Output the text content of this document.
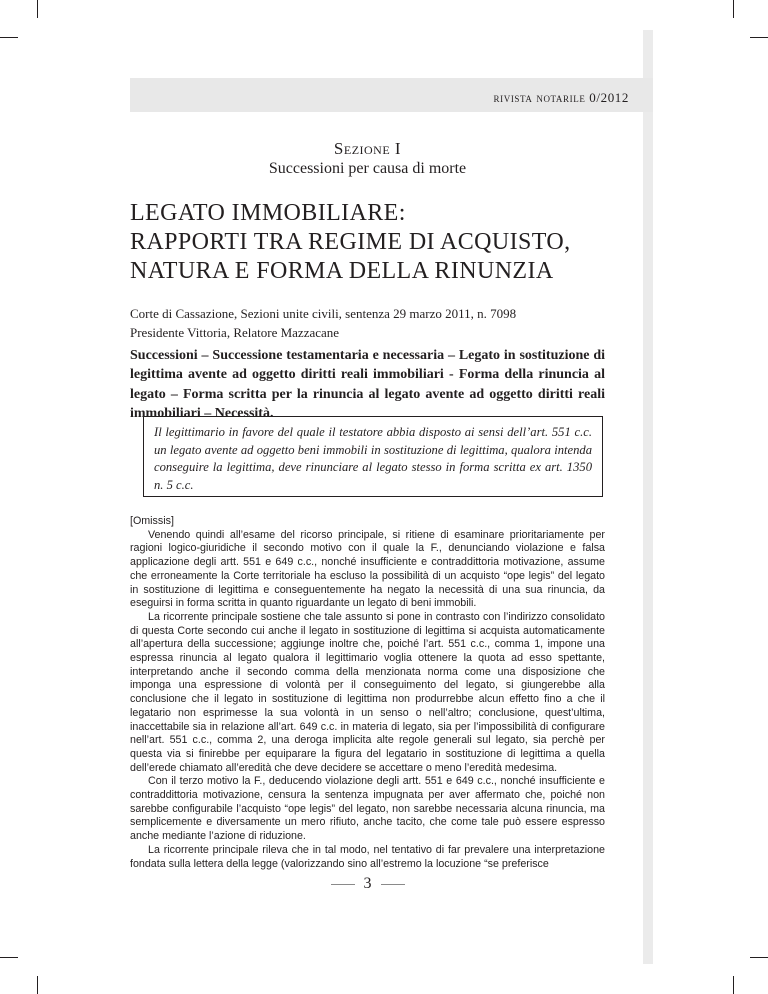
rivista notarile 0/2012
Sezione I
Successioni per causa di morte
LEGATO IMMOBILIARE:
RAPPORTI TRA REGIME DI ACQUISTO,
NATURA E FORMA DELLA RINUNZIA
Corte di Cassazione, Sezioni unite civili, sentenza 29 marzo 2011, n. 7098
Presidente Vittoria, Relatore Mazzacane
Successioni – Successione testamentaria e necessaria – Legato in sostituzione di legittima avente ad oggetto diritti reali immobiliari - Forma della rinuncia al legato – Forma scritta per la rinuncia al legato avente ad oggetto diritti reali immobiliari – Necessità.
Il legittimario in favore del quale il testatore abbia disposto ai sensi dell’art. 551 c.c. un legato avente ad oggetto beni immobili in sostituzione di legittima, qualora intenda conseguire la legittima, deve rinunciare al legato stesso in forma scritta ex art. 1350 n. 5 c.c.

[Omissis]

Venendo quindi all’esame del ricorso principale, si ritiene di esaminare prioritariamente per ragioni logico-giuridiche il secondo motivo con il quale la F., denunciando violazione e falsa applicazione degli artt. 551 e 649 c.c., nonché insufficiente e contraddittoria motivazione, assume che erroneamente la Corte territoriale ha escluso la possibilità di un acquisto “ope legis” del legato in sostituzione di legittima e conseguentemente ha negato la necessità di una sua rinuncia, da eseguirsi in forma scritta in quanto riguardante un legato di beni immobili.

La ricorrente principale sostiene che tale assunto si pone in contrasto con l’indirizzo consolidato di questa Corte secondo cui anche il legato in sostituzione di legittima si acquista automaticamente all’apertura della successione; aggiunge inoltre che, poiché l’art. 551 c.c., comma 1, impone una espressa rinuncia al legato qualora il legittimario voglia ottenere la quota ad esso spettante, interpretando anche il secondo comma della menzionata norma come una disposizione che imponga una espressione di volontà per il conseguimento del legato, si giungerebbe alla conclusione che il legato in sostituzione di legittima non produrrebbe alcun effetto fino a che il legatario non esprimesse la sua volontà in un senso o nell’altro; conclusione, quest’ultima, inaccettabile sia in relazione all’art. 649 c.c. in materia di legato, sia per l’impossibilità di configurare nell’art. 551 c.c., comma 2, una deroga implicita alte regole generali sul legato, sia perchè per questa via si finirebbe per equiparare la figura del legatario in sostituzione di legittima a quella dell’erede chiamato all’eredità che deve decidere se accettare o meno l’eredità medesima.

Con il terzo motivo la F., deducendo violazione degli artt. 551 e 649 c.c., nonché insufficiente e contraddittoria motivazione, censura la sentenza impugnata per aver affermato che, poiché non sarebbe configurabile l’acquisto “ope legis” del legato, non sarebbe necessaria alcuna rinuncia, ma semplicemente e diversamente un mero rifiuto, anche tacito, che come tale può essere espresso anche mediante l’azione di riduzione.

La ricorrente principale rileva che in tal modo, nel tentativo di far prevalere una interpretazione fondata sulla lettera della legge (valorizzando sino all’estremo la locuzione “se preferisce

3
